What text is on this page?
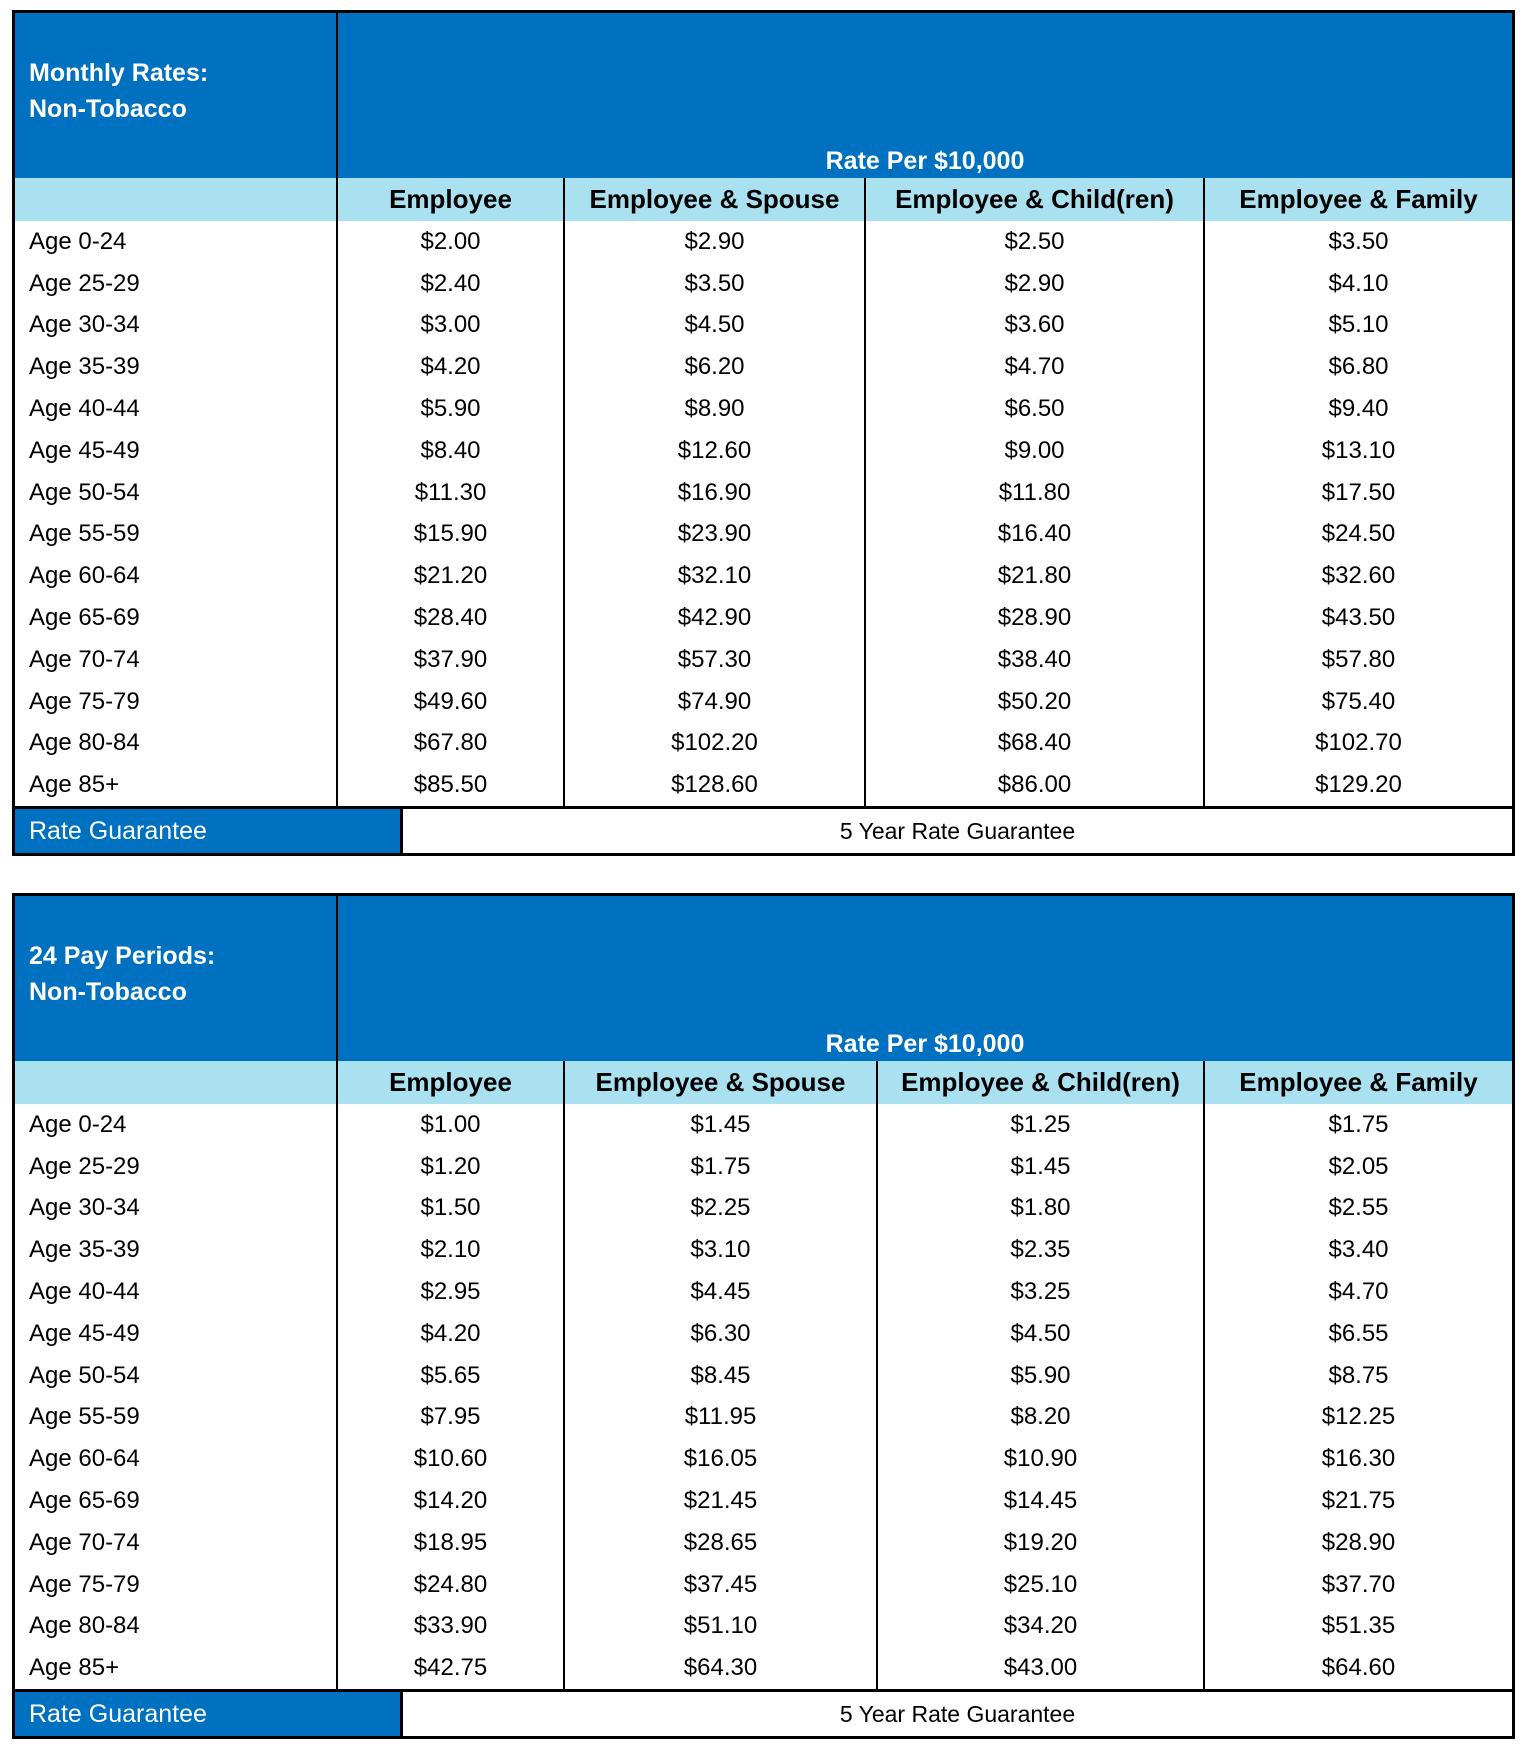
Monthly Rates:
Non-Tobacco
Rate Per $10,000
Employee	Employee & Spouse	Employee & Child(ren)	Employee & Family
Age 0-24	$2.00	$2.90	$2.50	$3.50
Age 25-29	$2.40	$3.50	$2.90	$4.10
Age 30-34	$3.00	$4.50	$3.60	$5.10
Age 35-39	$4.20	$6.20	$4.70	$6.80
Age 40-44	$5.90	$8.90	$6.50	$9.40
Age 45-49	$8.40	$12.60	$9.00	$13.10
Age 50-54	$11.30	$16.90	$11.80	$17.50
Age 55-59	$15.90	$23.90	$16.40	$24.50
Age 60-64	$21.20	$32.10	$21.80	$32.60
Age 65-69	$28.40	$42.90	$28.90	$43.50
Age 70-74	$37.90	$57.30	$38.40	$57.80
Age 75-79	$49.60	$74.90	$50.20	$75.40
Age 80-84	$67.80	$102.20	$68.40	$102.70
Age 85+	$85.50	$128.60	$86.00	$129.20
Rate Guarantee	5 Year Rate Guarantee
24 Pay Periods:
Non-Tobacco
Rate Per $10,000
Employee	Employee & Spouse	Employee & Child(ren)	Employee & Family
Age 0-24	$1.00	$1.45	$1.25	$1.75
Age 25-29	$1.20	$1.75	$1.45	$2.05
Age 30-34	$1.50	$2.25	$1.80	$2.55
Age 35-39	$2.10	$3.10	$2.35	$3.40
Age 40-44	$2.95	$4.45	$3.25	$4.70
Age 45-49	$4.20	$6.30	$4.50	$6.55
Age 50-54	$5.65	$8.45	$5.90	$8.75
Age 55-59	$7.95	$11.95	$8.20	$12.25
Age 60-64	$10.60	$16.05	$10.90	$16.30
Age 65-69	$14.20	$21.45	$14.45	$21.75
Age 70-74	$18.95	$28.65	$19.20	$28.90
Age 75-79	$24.80	$37.45	$25.10	$37.70
Age 80-84	$33.90	$51.10	$34.20	$51.35
Age 85+	$42.75	$64.30	$43.00	$64.60
Rate Guarantee	5 Year Rate Guarantee
